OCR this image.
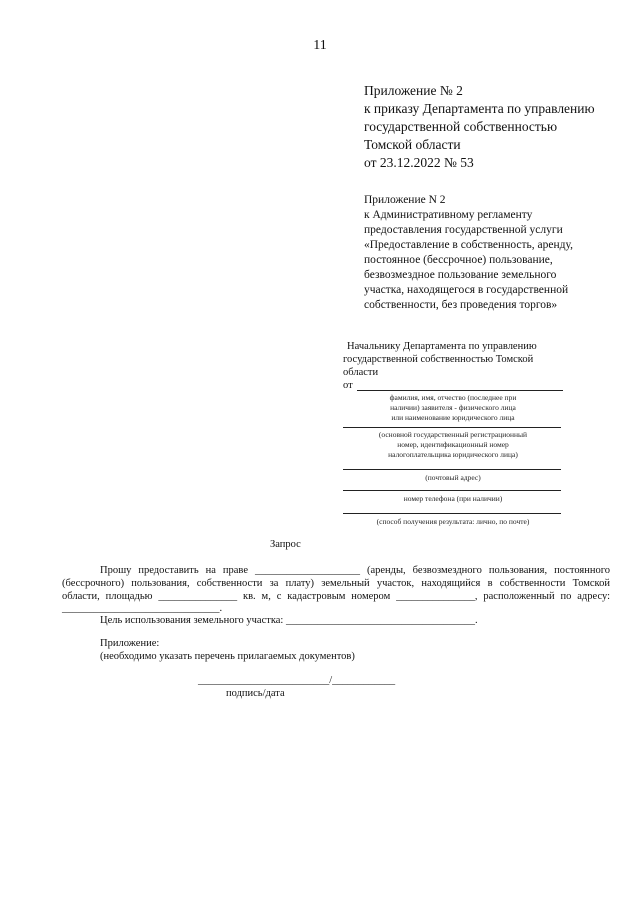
11
Приложение № 2
к приказу Департамента по управлению
государственной собственностью
Томской области
от 23.12.2022 № 53
Приложение N 2
к Административному регламенту
предоставления государственной услуги
«Предоставление в собственность, аренду,
постоянное (бессрочное) пользование,
безвозмездное пользование земельного
участка, находящегося в государственной
собственности, без проведения торгов»
Начальнику Департамента по управлению
государственной собственностью Томской
области
от
фамилия, имя, отчество (последнее при
наличии) заявителя - физического лица
или наименование юридического лица
(основной государственный регистрационный
номер, идентификационный номер
налогоплательщика юридического лица)
(почтовый адрес)
номер телефона (при наличии)
(способ получения результата: лично, по почте)
Запрос
Прошу предоставить на праве ____________________ (аренды, безвозмездного пользования, постоянного
(бессрочного) пользования, собственности за плату) земельный участок, находящийся в собственности Томской
области, площадью _______________ кв. м, с кадастровым номером _______________, расположенный по адресу:
______________________________.
Цель использования земельного участка: ____________________________________.
Приложение:
(необходимо указать перечень прилагаемых документов)
_________________________/____________
подпись/дата
